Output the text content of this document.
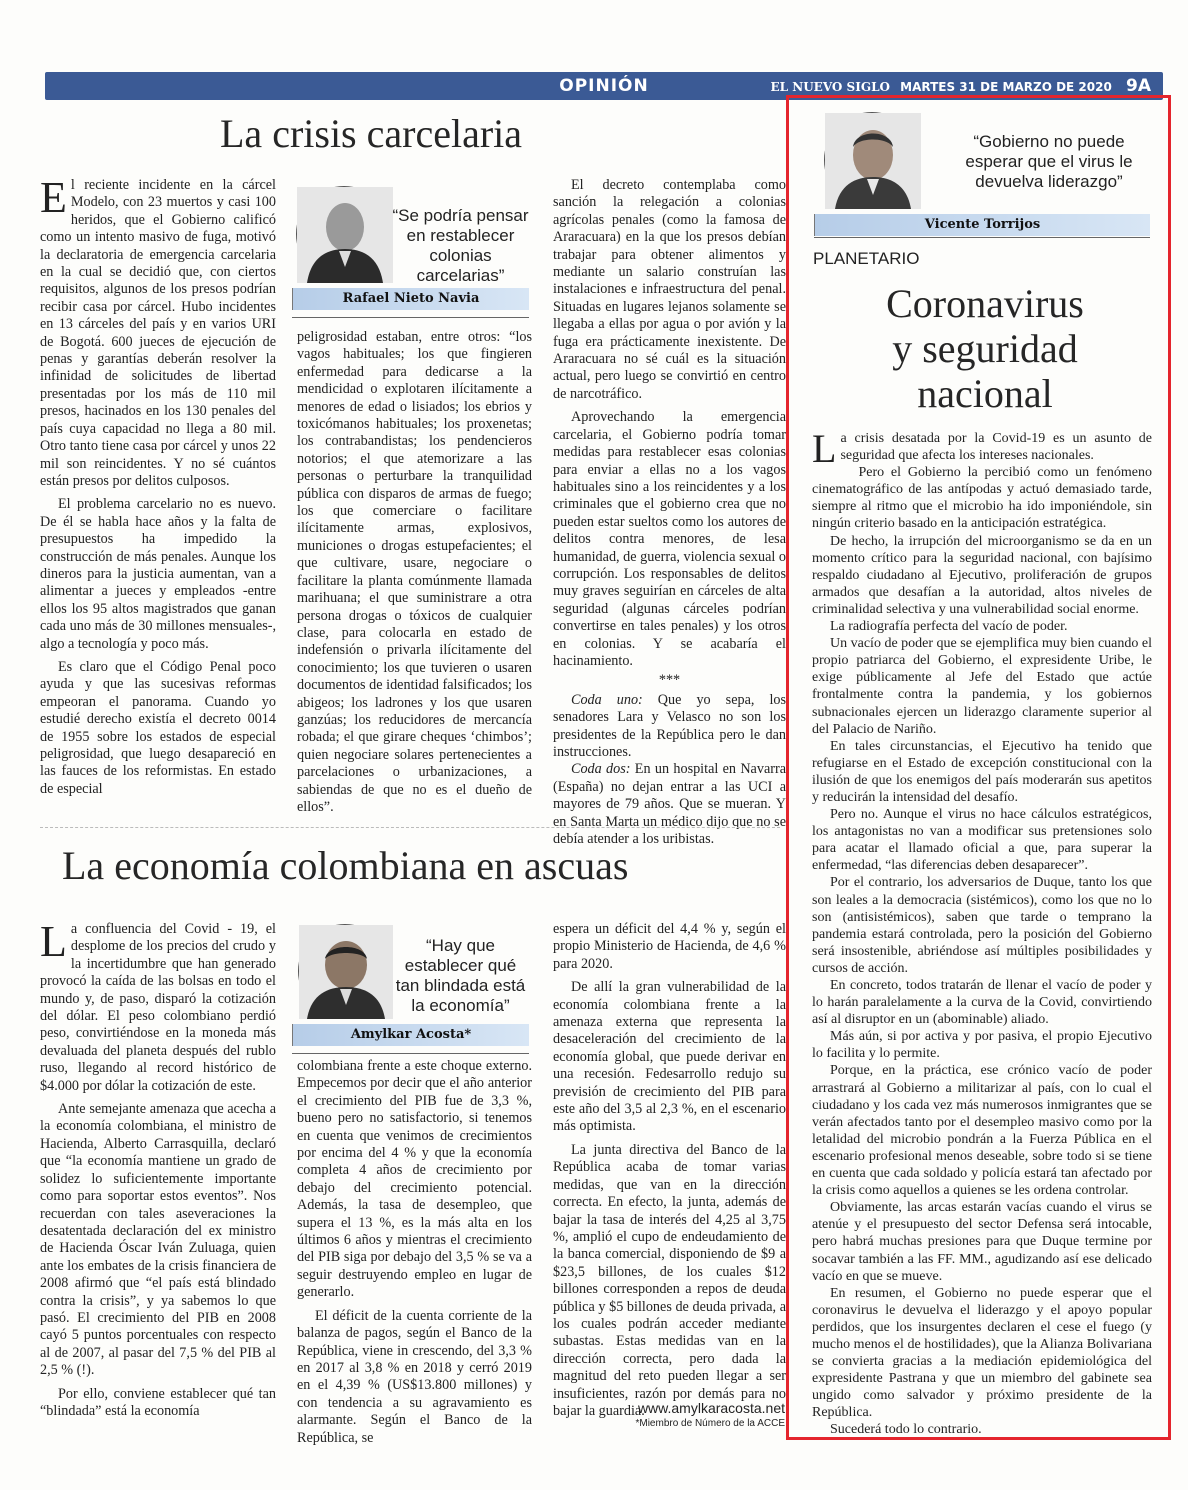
OPINIÓN	EL NUEVO SIGLO MARTES 31 DE MARZO DE 2020 9A
La crisis carcelaria

El reciente incidente en la cárcel Modelo, con 23 muertos y casi 100 heridos, que el Gobierno calificó como un intento masivo de fuga, motivó la declaratoria de emergencia carcelaria en la cual se decidió que, con ciertos requisitos, algunos de los presos podrían recibir casa por cárcel. Hubo incidentes en 13 cárceles del país y en varios URI de Bogotá. 600 jueces de ejecución de penas y garantías deberán resolver la infinidad de solicitudes de libertad presentadas por los más de 110 mil presos, hacinados en los 130 penales del país cuya capacidad no llega a 80 mil. Otro tanto tiene casa por cárcel y unos 22 mil son reincidentes. Y no sé cuántos están presos por delitos culposos.

El problema carcelario no es nuevo. De él se habla hace años y la falta de presupuestos ha impedido la construcción de más penales. Aunque los dineros para la justicia aumentan, van a alimentar a jueces y empleados -entre ellos los 95 altos magistrados que ganan cada uno más de 30 millones mensuales-, algo a tecnología y poco más.

Es claro que el Código Penal poco ayuda y que las sucesivas reformas empeoran el panorama. Cuando yo estudié derecho existía el decreto 0014 de 1955 sobre los estados de especial peligrosidad, que luego desapareció en las fauces de los reformistas. En estado de especial

“Se podría pensar en restablecer colonias carcelarias”
Rafael Nieto Navia

peligrosidad estaban, entre otros: “los vagos habituales; los que fingieren enfermedad para dedicarse a la mendicidad o explotaren ilícitamente a menores de edad o lisiados; los ebrios y toxicómanos habituales; los proxenetas; los contrabandistas; los pendencieros notorios; el que atemorizare a las personas o perturbare la tranquilidad pública con disparos de armas de fuego; los que comerciare o facilitare ilícitamente armas, explosivos, municiones o drogas estupefacientes; el que cultivare, usare, negociare o facilitare la planta comúnmente llamada marihuana; el que suministrare a otra persona drogas o tóxicos de cualquier clase, para colocarla en estado de indefensión o privarla ilícitamente del conocimiento; los que tuvieren o usaren documentos de identidad falsificados; los abigeos; los ladrones y los que usaren ganzúas; los reducidores de mercancía robada; el que girare cheques ‘chimbos’; quien negociare solares pertenecientes a parcelaciones o urbanizaciones, a sabiendas de que no es el dueño de ellos”.

El decreto contemplaba como sanción la relegación a colonias agrícolas penales (como la famosa de Araracuara) en la que los presos debían trabajar para obtener alimentos y mediante un salario construían las instalaciones e infraestructura del penal. Situadas en lugares lejanos solamente se llegaba a ellas por agua o por avión y la fuga era prácticamente inexistente. De Araracuara no sé cuál es la situación actual, pero luego se convirtió en centro de narcotráfico.

Aprovechando la emergencia carcelaria, el Gobierno podría tomar medidas para restablecer esas colonias para enviar a ellas no a los vagos habituales sino a los reincidentes y a los criminales que el gobierno crea que no pueden estar sueltos como los autores de delitos contra menores, de lesa humanidad, de guerra, violencia sexual o corrupción. Los responsables de delitos muy graves seguirían en cárceles de alta seguridad (algunas cárceles podrían convertirse en tales penales) y los otros en colonias. Y se acabaría el hacinamiento.

***

Coda uno: Que yo sepa, los senadores Lara y Velasco no son los presidentes de la República pero le dan instrucciones.

Coda dos: En un hospital en Navarra (España) no dejan entrar a las UCI a mayores de 79 años. Que se mueran. Y en Santa Marta un médico dijo que no se debía atender a los uribistas.

La economía colombiana en ascuas

La confluencia del Covid - 19, el desplome de los precios del crudo y la incertidumbre que han generado provocó la caída de las bolsas en todo el mundo y, de paso, disparó la cotización del dólar. El peso colombiano perdió peso, convirtiéndose en la moneda más devaluada del planeta después del rublo ruso, llegando al record histórico de $4.000 por dólar la cotización de este.

Ante semejante amenaza que acecha a la economía colombiana, el ministro de Hacienda, Alberto Carrasquilla, declaró que “la economía mantiene un grado de solidez lo suficientemente importante como para soportar estos eventos”. Nos recuerdan con tales aseveraciones la desatentada declaración del ex ministro de Hacienda Óscar Iván Zuluaga, quien ante los embates de la crisis financiera de 2008 afirmó que “el país está blindado contra la crisis”, y ya sabemos lo que pasó. El crecimiento del PIB en 2008 cayó 5 puntos porcentuales con respecto al de 2007, al pasar del 7,5 % del PIB al 2,5 % (!).

Por ello, conviene establecer qué tan “blindada” está la economía

“Hay que establecer qué tan blindada está la economía”
Amylkar Acosta*

colombiana frente a este choque externo. Empecemos por decir que el año anterior el crecimiento del PIB fue de 3,3 %, bueno pero no satisfactorio, si tenemos en cuenta que venimos de crecimientos por encima del 4 % y que la economía completa 4 años de crecimiento por debajo del crecimiento potencial. Además, la tasa de desempleo, que supera el 13 %, es la más alta en los últimos 6 años y mientras el crecimiento del PIB siga por debajo del 3,5 % se va a seguir destruyendo empleo en lugar de generarlo.

El déficit de la cuenta corriente de la balanza de pagos, según el Banco de la República, viene in crescendo, del 3,3 % en 2017 al 3,8 % en 2018 y cerró 2019 en el 4,39 % (US$13.800 millones) y con tendencia a su agravamiento es alarmante. Según el Banco de la República, se

espera un déficit del 4,4 % y, según el propio Ministerio de Hacienda, de 4,6 % para 2020.

De allí la gran vulnerabilidad de la economía colombiana frente a la amenaza externa que representa la desaceleración del crecimiento de la economía global, que puede derivar en una recesión. Fedesarrollo redujo su previsión de crecimiento del PIB para este año del 3,5 al 2,3 %, en el escenario más optimista.

La junta directiva del Banco de la República acaba de tomar varias medidas, que van en la dirección correcta. En efecto, la junta, además de bajar la tasa de interés del 4,25 al 3,75 %, amplió el cupo de endeudamiento de la banca comercial, disponiendo de $9 a $23,5 billones, de los cuales $12 billones corresponden a repos de deuda pública y $5 billones de deuda privada, a los cuales podrán acceder mediante subastas. Estas medidas van en la dirección correcta, pero dada la magnitud del reto pueden llegar a ser insuficientes, razón por demás para no bajar la guardia.

www.amylkaracosta.net
*Miembro de Número de la ACCE
“Gobierno no puede esperar que el virus le devuelva liderazgo”
Vicente Torrijos
PLANETARIO
Coronavirus
y seguridad
nacional

La crisis desatada por la Covid-19 es un asunto de seguridad que afecta los intereses nacionales.

Pero el Gobierno la percibió como un fenómeno cinematográfico de las antípodas y actuó demasiado tarde, siempre al ritmo que el microbio ha ido imponiéndole, sin ningún criterio basado en la anticipación estratégica.

De hecho, la irrupción del microorganismo se da en un momento crítico para la seguridad nacional, con bajísimo respaldo ciudadano al Ejecutivo, proliferación de grupos armados que desafían a la autoridad, altos niveles de criminalidad selectiva y una vulnerabilidad social enorme.

La radiografía perfecta del vacío de poder.

Un vacío de poder que se ejemplifica muy bien cuando el propio patriarca del Gobierno, el expresidente Uribe, le exige públicamente al Jefe del Estado que actúe frontalmente contra la pandemia, y los gobiernos subnacionales ejercen un liderazgo claramente superior al del Palacio de Nariño.

En tales circunstancias, el Ejecutivo ha tenido que refugiarse en el Estado de excepción constitucional con la ilusión de que los enemigos del país moderarán sus apetitos y reducirán la intensidad del desafío.

Pero no. Aunque el virus no hace cálculos estratégicos, los antagonistas no van a modificar sus pretensiones solo para acatar el llamado oficial a que, para superar la enfermedad, “las diferencias deben desaparecer”.

Por el contrario, los adversarios de Duque, tanto los que son leales a la democracia (sistémicos), como los que no lo son (antisistémicos), saben que tarde o temprano la pandemia estará controlada, pero la posición del Gobierno será insostenible, abriéndose así múltiples posibilidades y cursos de acción.

En concreto, todos tratarán de llenar el vacío de poder y lo harán paralelamente a la curva de la Covid, convirtiendo así al disruptor en un (abominable) aliado.

Más aún, si por activa y por pasiva, el propio Ejecutivo lo facilita y lo permite.

Porque, en la práctica, ese crónico vacío de poder arrastrará al Gobierno a militarizar al país, con lo cual el ciudadano y los cada vez más numerosos inmigrantes que se verán afectados tanto por el desempleo masivo como por la letalidad del microbio pondrán a la Fuerza Pública en el escenario profesional menos deseable, sobre todo si se tiene en cuenta que cada soldado y policía estará tan afectado por la crisis como aquellos a quienes se les ordena controlar.

Obviamente, las arcas estarán vacías cuando el virus se atenúe y el presupuesto del sector Defensa será intocable, pero habrá muchas presiones para que Duque termine por socavar también a las FF. MM., agudizando así ese delicado vacío en que se mueve.

En resumen, el Gobierno no puede esperar que el coronavirus le devuelva el liderazgo y el apoyo popular perdidos, que los insurgentes declaren el cese el fuego (y mucho menos el de hostilidades), que la Alianza Bolivariana se convierta gracias a la mediación epidemiológica del expresidente Pastrana y que un miembro del gabinete sea ungido como salvador y próximo presidente de la República.

Sucederá todo lo contrario.
